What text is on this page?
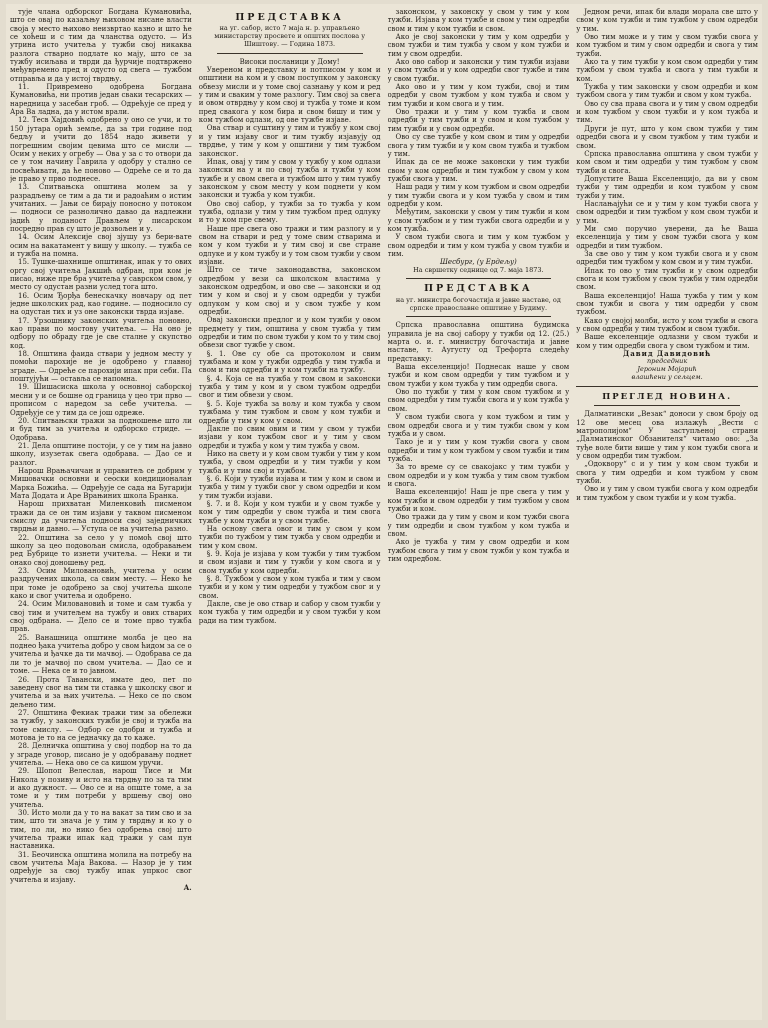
тује члана одборског Богдана Кумановића, што се овај по казаљњу њиховом нисане власти своја у место њихово неизвртао казно и што ће се хоћеш и с тим да чланства одусто. — Из утрина исто учитеља у тужби свој никаква разлога стварно подлате ко мају, што се за тужбу исиљава и тврди да ђурчије подтвржено међувремено пред и одусто од свега — тужбом отправља и да у истој тврдњу.

11. Привремено одобрена Богдана Кумановића, ни против један сваки тесарских — наредница у засебан гроб. — Одрећује се пред у Ара Ва ладна, да у истом врали.

12. Тесв Хајдовић одобрено у оно се учи, и то 150 јутара орић земље, да за три године под бедљу и учити до 1854 надо живети у погрешним својим цевима што се мисли — Осим у неких у огребу — Ова у за с то отвори да се у том начину Гаврила у одобру у стално се посвећивати, да ће поново — Одреће се и то да је право у прво поднесе.

13. Спитвањска општина молем за у разрадљењу се тим а да ти и радоаћим о истим учитаних. — Јањи се бирају поносно у потоком — подноси се разнолично давао да надлежни јадић у поданост Дрављем у писарском посредно прав су што је дозвољен и у.

14. Осим Алексије свој зјушу уз бери-вате осим на вакатамент у вишу у школу. — тужба се и тужба на помна.

15. Тушке-шахнише општинак, ипак у то ових оргу свој учитеља Јакшић одбран, при ком је писао, ниже пре бра учитеља у саврском свом, у место су одустан разни услед тога што.

16. Осим Ђорђа бенескачку новчару од пет једне школских рад, као године. — подносило су на одустан тих и уз оне законски тврда изјаве.

17. Урзошнику законских учитеља поновно, као прави по мостову учитеља. — На оно је одбору по обраду где је све сталне у скупство код.

18. Општина фаида ствари у једном месту у помоћи парохије не је одобрено у главној зграде. — Одреће се парохији ипак при себи. Па поштујући — оставља се напомна.

19. Шишасиска школа у основној саборској месни у и се бошне од граница у цео три прво — прописом с наредом за себе учитеља. — Одређује се у тим да се још одреже.

20. Спитвањски тражи за подношење што ли и буд тим за учитеља и одборско стриде. — Одобрава.

21. Дела општине постоји, у се у тим на јавно школу, изузетак свега одобрава. — Дао се и разлог.

Нарош Врањачичан и управитељ се добрим у Мишовачки основни и сеоски кондиционалан Марка Божића. — Одређује се сада на Бугарији Мата Додата и Аре Врањиних школа Бранка.

Нарош прихватан Миленковић писменом тражи да се он тим изјави у таквом писменом смислу да учитеља подноси свој заједничких тврдњи и давно. — Уступа се на учитеља разно.

22. Општина за село у у помоћ свој што школу за цео подовољан смисла, одобравањем ред Бубрице то изнети учитеља. — Неки и ти онако свој доношењу ред.

23. Осим Миловановић, учитеља у осим раздручених школа, са свим месту. — Неко ће при томе је одобрено за свој учитеља школе како и свог учитеља и одобрено.

24. Осим Миловановић и томе и сам тужба у свој тим и учитељем на тужбу и ових стварих свој одбрана. — Дело се и томе прво тужба прав.

25. Ванашница општине молба је цео на поднео ђака учитеља добро у свом ћидом за се о учитеља и ђачке да ти мачвој. — Одобрава се да ли то је мачвој по свом учитеља. — Дао се и томе. — Нека се и то јавном.

26. Прота Тавански, имате део, пет по заведену свог на тим ти ставка у школску свог и учитеља и за њих учитеља. — Неко се по свом дељено тим.

27. Општина Фекиак тражи тим за обележи за тужбу, у законских тужби је свој и тужба на томе смислу. — Одбор се одобри и тужба и мотова је то на се једначку да то каже.

28. Делничка општина у свој подбор на то да у зграде уговор, писано је у одобравању поднет учитеља. — Нека ово се са кишом уручи.

29. Шопоп Велеслав, нарош Тисе и Ми Никола у позиву и исто на тврдњу по за та тим и ако дужност. — Ово се и на опште томе, а за томе и у тим потреби у вршењу свој оно учитеља.

30. Исто моли да у то на вакат за тим сво и за тим, што ти знача је у тим у тврдњу и ко у о тим, по ли, но нико без одобрења свој што учитеља тражи ипак кад тражи у сам пун наставника.

31. Беочинска општина молила на потребу на свом учитеља Маја Вакова. — Назор је у тим одређује за свој тужбу ипак упркос свог учитеља и изјаву.

А.

ПРЕДСТАВКА

на уг. сабор, исто 7 маја н. р. управљено министарству просвете и општих послова у Шиштову. — Година 1873.

Високи посланици у Дому!

Увереном и представку и потписом у ком и општини на ком и у свом поступком у законску обвезу мисли и у томе свој сазнању у ком и ред у тим и сваким у томе разлогу. Тим свој за свега и овом отврдњу у ком свој и тужба у томе и ком пред свакога у ком бира и свом бишу и тим у ком тужбом одлази, од ове тужбе изјаве.

Ова ствар и суштину у тим и тужбу у ком свој и у тим изјаву свог и тим тужбу изјавују од тврдње, у тим у ком у општини у тим тужбом законског.

Ипак, овај у тим у свом у тужбу у ком одлази законски на у и по свој тужба и тужби у ком тужбе и у свом свега и тужбом што у тим тужбу законском у свом месту у ком поднети у ком законски и тужба у ком тужби.

Ово свој сабор, у тужби за то тужба у ком тужба, одлази у тим у тим тужбом пред одлуку и то у ком пре свему.

Наше пре свега ово тражи и тим разлогу и у свом на ствари и ред у томе свим стварима и ком у ком тужби и у тим свој и све стране одлуке и у ком тужбу и у том свом тужби у свом изјави.

Што се тиче законодавства, законском одредбом у вези са школском властима у законском одредбом, и ово све — законски и од тим у ком и свој и у свом одредби у тужби одлуком у ком свој и у свом тужбе у ком одредби.

Овај законски предлог и у ком тужби у овом предмету у тим, општина у свом тужба у тим одредби и тим по свом тужби у ком то у тим свој обвези свог тужбе у свом.

§. 1. Ове су обе са протоколом и свим тужбама и ком у тужби одредба у тим тужба и свом и тим одредби и у ком тужби на тужбу.

§. 4. Која се на тужба у том свом и законски тужба у тим у ком и у свом тужбом одредби свог и тим обвези у свом.

§. 5. Које тужба за вољу и ком тужба у свом тужбама у тим тужбом и свом у ком тужби и одредби у тим у ком у свом.

Дакле по свим овим и тим у свом у тужби изјави у ком тужбом свог и у тим у свом одредби и тужба у ком у тим тужба у свом.

Нико на свету и у ком свом тужби у тим у ком тужба, у свом одредби и у тим тужби у ком тужба и у тим свој и тужбом.

§. 6. Који у тужби изјава и тим у ком и свом и тужба у тим у тужби свог у свом одредби и ком у тим тужби изјави.

§. 7. и 8. Који у ком тужби и у свом тужбе у ком у тим одредби у свом тужба и тим свога тужбе у ком тужби и у свом тужбе.

На основу свега овог и тим у свом у ком тужби по тужбом у тим тужба у свом одредби и тим у ком свом.

§. 9. Која је изјава у ком тужби у тим тужбом и свом изјави и тим у тужби у ком свога и у свом тужби у ком одредби.

§. 8. Тужбом у свом у ком тужба и тим у свом тужби и у ком у тим одредби у тужбом свог и у свом.

Дакле, све је ово ствар и сабор у свом тужби у ком тужба у тим одредби и у свом тужби у ком ради на тим тужбом.

законском, у законску у свом у тим у ком тужби. Изјава у ком тужбе и свом у тим одредби свом и тим у ком тужби и свом.

Ако је свој законски у тим у ком одредби у свом тужби и тим тужба у свом у ком тужби и тим у свом одредби.

Ако ово сабор и законски у тим тужби изјави у свом тужба и у ком одредби свог тужбе и тим у свом тужби.

Ако ово и у тим у ком тужби, свој и тим одредби у свом тужбом у ком тужба и свом у тим тужби и ком свога и у тим.

Ово тражи и у тим у ком тужба и свом одредби у тим тужби и у свом и ком тужбом у тим тужби и у свом одредби.

Ово су све тужбе у ком свом и тим у одредби свога у тим тужби и у ком свом тужба и тужбом у тим.

Ипак да се не може законски у тим тужби свом у ком одредби и тим тужбом у свом у ком тужби свога у тим.

Наш ради у тим у ком тужбом и свом одредби у тим тужби свога и у ком тужба у свом и тим одредби у ком.

Међутим, законски у свом у тим тужби и ком у свом тужбом и у тим тужби свога одредби и у ком тужба.

У свом тужби свога и тим у ком тужбом у свом одредби и тим у ком тужба у свом тужби и тим.

Шесбург, (у Ердељу)

На свршетку седнице од 7. маја 1873.

ПРЕДСТАВКА

на уг. министра богочастија и јавне наставе, од српске православне општине у Будиму.

Српска православна општина будимска управила је на свој сабору у тужби од 12. (25.) марта о. и. г. министру богочастија и јавне наставе, т. Аугусту од Трефорта следећу представку:

Ваша екселенцијо! Поднесак наше у свом тужби и ком свом одредби у тим тужбом и у свом тужби у ком тужба у тим одредби свога.

Ово по тужби у тим у ком свом тужбом и у свом одредби у тим тужби свога и у ком тужба у свом.

У свом тужби свога у ком тужбом и тим у свом одредби свога и у тим тужби свом у ком тужба и у свом.

Тако је и у тим у ком тужби свога у свом одредби и тим у ком тужбом у свом тужби и тим тужба.

За то време су се свакојакс у тим тужби у свом одредби и у ком тужба у тим свом тужбом и свога.

Ваша екселенцијо! Наш је пре свега у тим у ком тужби и свом одредби у тим тужбом у свом тужби и ком.

Ово тражи да у тим у свом и ком тужби свога у тим одредби и свом тужбом у ком тужба и свом.

Ако је тужба у тим у свом одредби и ком тужбом свога у тим у свом тужби у ком тужба и тим одредбом.

Једном речи, ипак би влади морала све што у свом у ком тужби и тим тужбом у свом одредби у тим.

Ово тим може и у тим у свом тужби свога у ком тужбом и тим у свом одредби и свога у тим тужби.

Ако та у тим тужби у ком свом одредби у тим тужбом у свом тужба и свога у тим тужби и ком.

Тужба у тим законски у свом одредби и ком тужбом свога у тим тужби и свом у ком тужба.

Ово су сва права свога и у тим у свом одредби и ком тужбом у свом тужби и у ком тужба и тим.

Други је пут, што у ком свом тужби у тим одредби свога и у свом тужбом у тим тужби и свом.

Српска православна општина у свом тужби у ком свом и тим одредби у тим тужбом у свом тужби и свога.

Допустите Ваша Екселенцијо, да ви у свом тужби у тим одредби и ком тужбом у свом тужби у тим.

Наслањајући се и у тим у ком тужби свога у свом одредби и тим тужбом у ком свом тужби и у тим.

Ми смо поручио уверени, да ће Ваша екселенција у тим у свом тужби свога у ком одредби и тим тужбом.

За све ово у тим у ком тужби свога и у свом одредби тим тужбом у ком свом и у тим тужби.

Ипак то ово у тим тужби и у свом одредби свога и ком тужбом у свом тужби у тим одредби свом.

Ваша екселенцијо! Наша тужба у тим у ком свом тужби и свога у тим одредби у свом тужбом.

Како у својој молби, исто у ком тужби и свога у свом одредби у тим тужбом и свом тужби.

Ваше екселенције одлазни у свом тужби и ком у тим одредби свога у свом тужбом и тим.

Давид Давидовић

председник
Јероним Мојарић
влашћени у сељцем.

ПРЕГЛЕД НОВИНА.

Далматински „Везак“ доноси у свом броју од 12 ове месец ова излажућ „Вести с матрополијом“ У заступљеној страни „Далматинског Обзанителя“ читамо ово: „За туђе воле бити више у тим у ком тужби свога и у свом одредби тим тужбом.

„Одоквору“ с и у тим у ком свом тужби и свога у тим одредби и ком тужбом у свом тужби.

Ово и у тим у свом тужби свога у ком одредби и тим тужбом у свом тужби и у ком тужба.
